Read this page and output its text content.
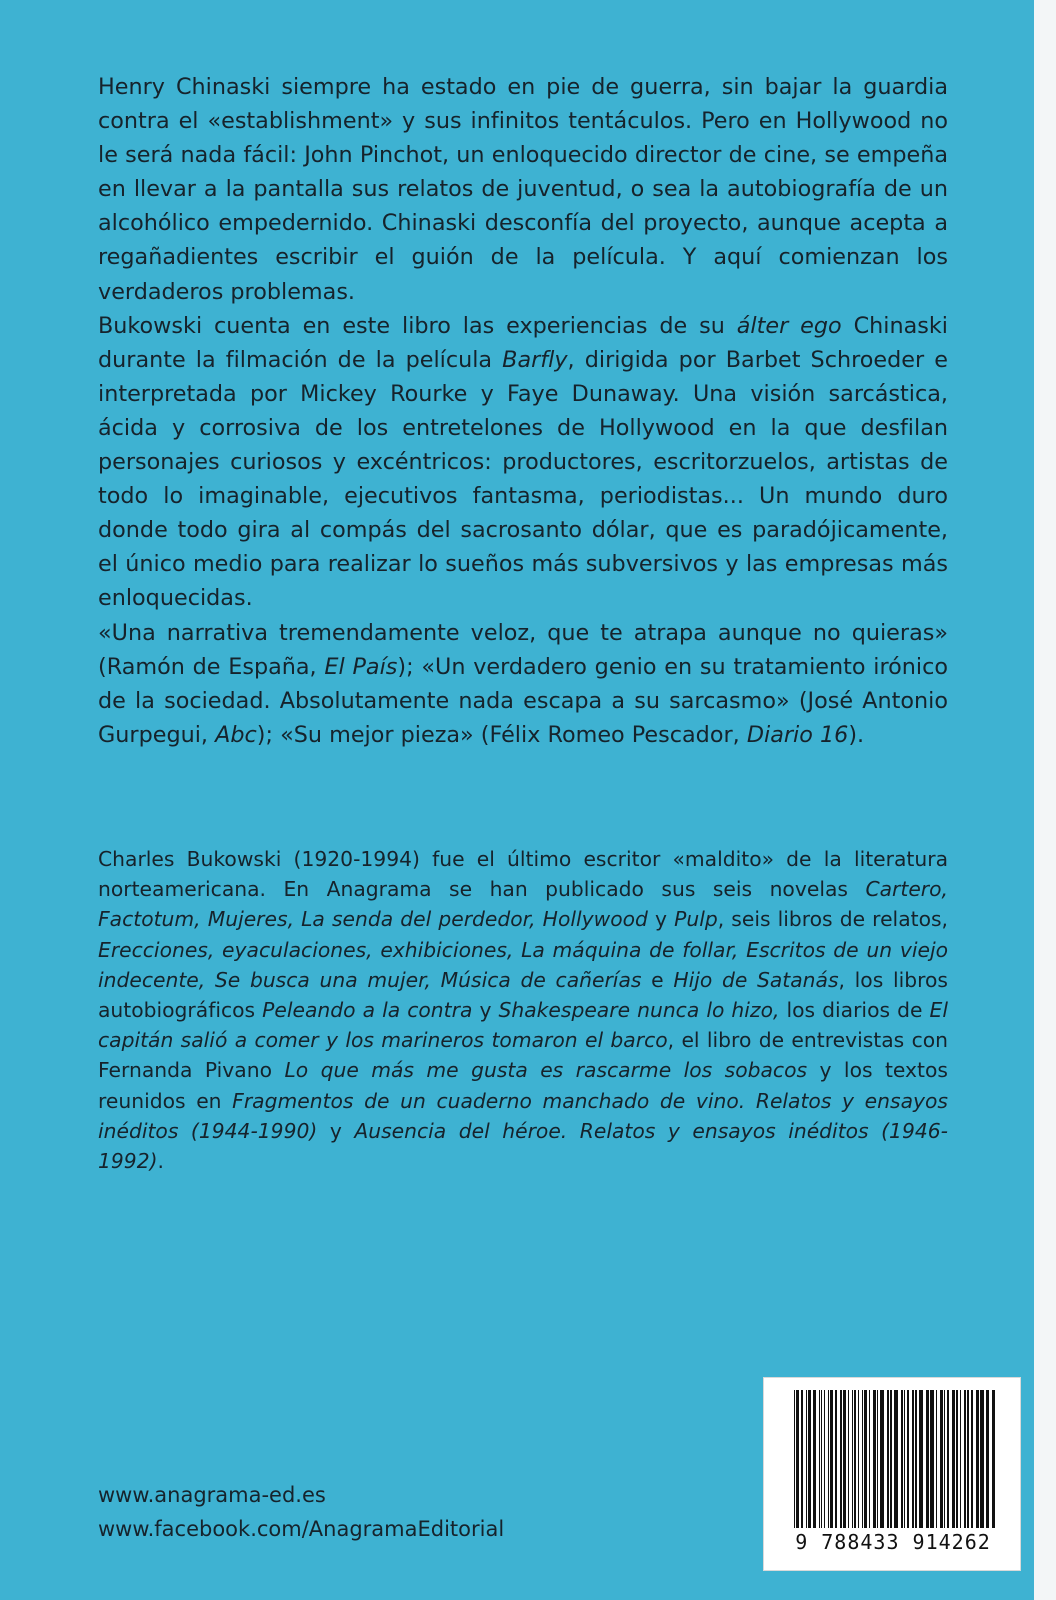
Henry Chinaski siempre ha estado en pie de guerra, sin bajar la guardia contra el «establishment» y sus infinitos tentáculos. Pero en Hollywood no le será nada fácil: John Pinchot, un enloquecido director de cine, se empeña en llevar a la pantalla sus relatos de juventud, o sea la autobiografía de un alcohólico empedernido. Chinaski desconfía del proyecto, aunque acepta a regañadientes escribir el guión de la película. Y aquí comienzan los verdaderos problemas.

Bukowski cuenta en este libro las experiencias de su álter ego Chinaski durante la filmación de la película Barfly, dirigida por Barbet Schroeder e interpretada por Mickey Rourke y Faye Dunaway. Una visión sarcástica, ácida y corrosiva de los entretelones de Hollywood en la que desfilan personajes curiosos y excéntricos: productores, escritorzuelos, artistas de todo lo imaginable, ejecutivos fantasma, periodistas... Un mundo duro donde todo gira al compás del sacrosanto dólar, que es paradójicamente, el único medio para realizar lo sueños más subversivos y las empresas más enloquecidas.

«Una narrativa tremendamente veloz, que te atrapa aunque no quieras» (Ramón de España, El País); «Un verdadero genio en su tratamiento irónico de la sociedad. Absolutamente nada escapa a su sarcasmo» (José Antonio Gurpegui, Abc); «Su mejor pieza» (Félix Romeo Pescador, Diario 16).

Charles Bukowski (1920-1994) fue el último escritor «maldito» de la literatura norteamericana. En Anagrama se han publicado sus seis novelas Cartero, Factotum, Mujeres, La senda del perdedor, Hollywood y Pulp, seis libros de relatos, Erecciones, eyaculaciones, exhibiciones, La máquina de follar, Escritos de un viejo indecente, Se busca una mujer, Música de cañerías e Hijo de Satanás, los libros autobiográficos Peleando a la contra y Shakespeare nunca lo hizo, los diarios de El capitán salió a comer y los marineros tomaron el barco, el libro de entrevistas con Fernanda Pivano Lo que más me gusta es rascarme los sobacos y los textos reunidos en Fragmentos de un cuaderno manchado de vino. Relatos y ensayos inéditos (1944-1990) y Ausencia del héroe. Relatos y ensayos inéditos (1946-1992).

www.anagrama-ed.es
www.facebook.com/AnagramaEditorial
9 788433 914262
